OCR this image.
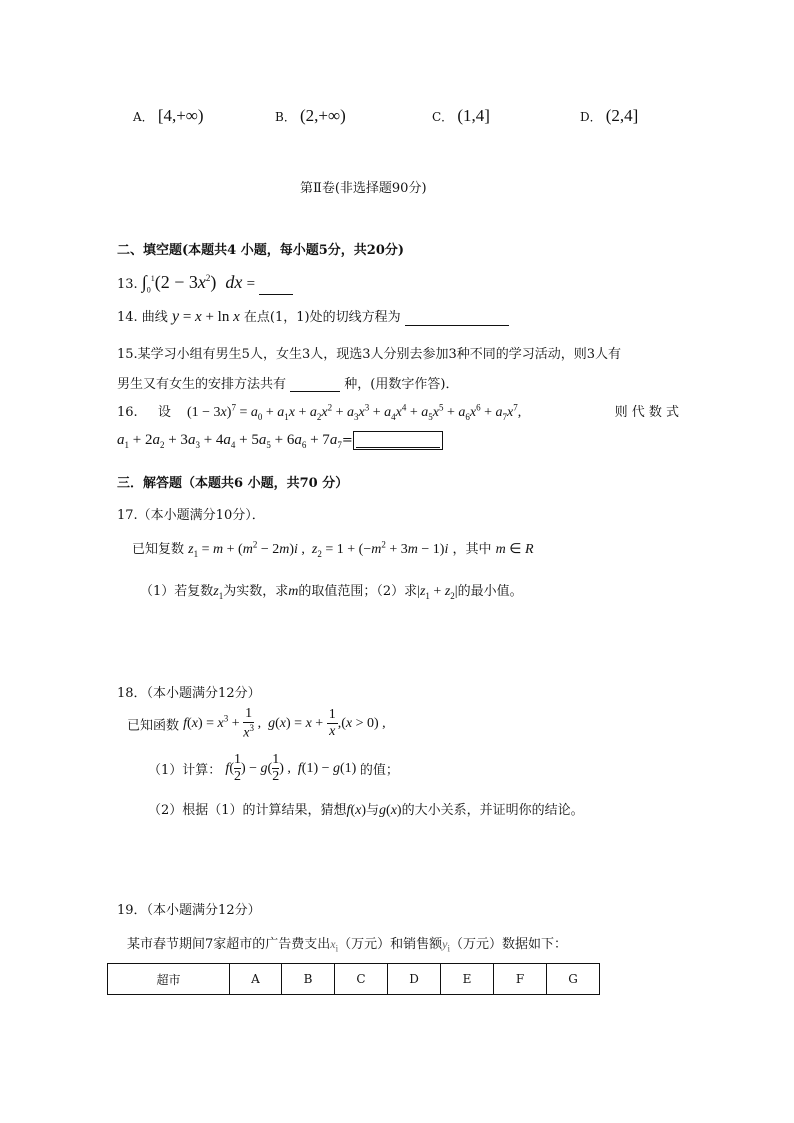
A． [4,+∞)	B． (2,+∞)	C． (1,4]	D． (2,4]
第Ⅱ卷(非选择题90分)
二、填空题(本题共4 小题，每小题5分，共20分)
13. $\int_0^1(2 - 3x^2)$  dx =
14. 曲线 y = x + ln x 在点(1，1)处的切线方程为
15.某学习小组有男生5人，女生3人，现选3人分别去参加3种不同的学习活动，则3人有
男生又有女生的安排方法共有	种，(用数字作答)．
16. 设 $(1 - 3x)^7 = a_0 + a_1x + a_2x^2 + a_3x^3 + a_4x^4 + a_5x^5 + a_6x^6 + a_7x^7$,	则 代 数 式
$a_1 + 2a_2 + 3a_3 + 4a_4 + 5a_5 + 6a_6 + 7a_7=$
三．解答题（本题共6 小题，共70 分）
17.（本小题满分10分）．
已知复数 $z_1 = m + (m^2 - 2m)i$ ,  $z_2 = 1 + (-m^2 + 3m - 1)i$ ，其中 m ∈ R
（1）若复数$z_1$为实数，求m的取值范围；（2）求$|z_1 + z_2|$的最小值。
18．（本小题满分12分）
已知函数 $f(x) = x^3 + \frac{1}{x^3}$ ,  $g(x) = x + \frac{1}{x} ,(x > 0)$ ,
（1）计算： $f( \frac{1}{2}$ ) − $g( \frac{1}{2}$ ) ,  f(1) − g(1) 的值；
（2）根据（1）的计算结果，猜想f(x)与g(x)的大小关系，并证明你的结论。
19．（本小题满分12分）
某市春节期间7家超市的广告费支出$x_i$（万元）和销售额$y_i$（万元）数据如下：
超市	A	B	C	D	E	F	G
